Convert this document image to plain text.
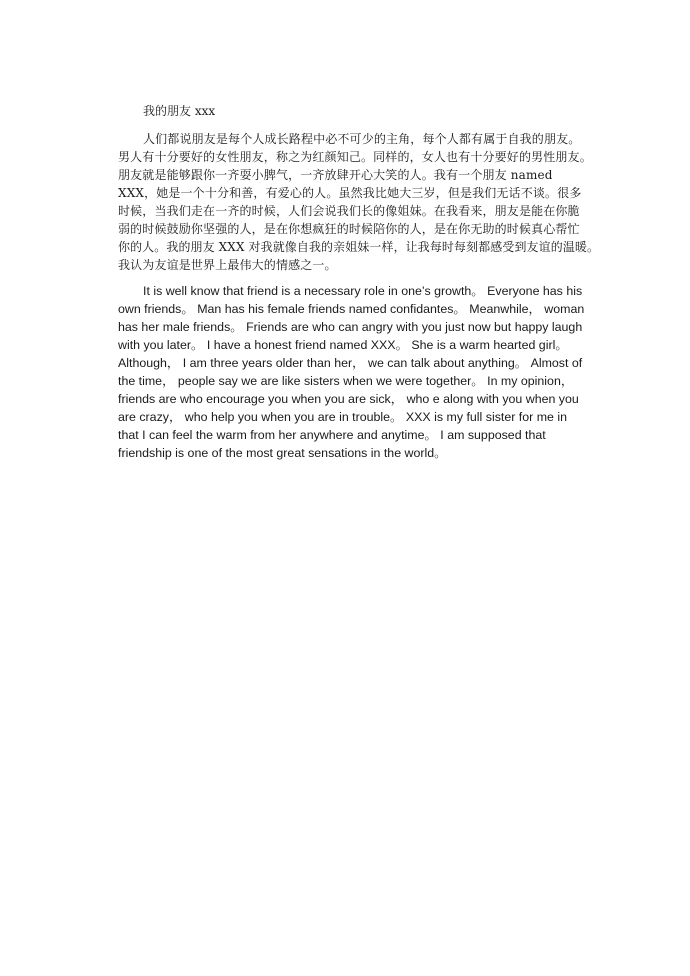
我的朋友 xxx
人们都说朋友是每个人成长路程中必不可少的主角，每个人都有属于自我的朋友。
男人有十分要好的女性朋友，称之为红颜知己。同样的，女人也有十分要好的男性朋友。
朋友就是能够跟你一齐耍小脾气，一齐放肆开心大笑的人。我有一个朋友 named
XXX，她是一个十分和善，有爱心的人。虽然我比她大三岁，但是我们无话不谈。很多
时候，当我们走在一齐的时候，人们会说我们长的像姐妹。在我看来，朋友是能在你脆
弱的时候鼓励你坚强的人，是在你想疯狂的时候陪你的人，是在你无助的时候真心帮忙
你的人。我的朋友 XXX 对我就像自我的亲姐妹一样，让我每时每刻都感受到友谊的温暖。
我认为友谊是世界上最伟大的情感之一。
It is well know that friend is a necessary role in one’s growth。 Everyone has his
own friends。 Man has his female friends named confidantes。 Meanwhile， woman
has her male friends。 Friends are who can angry with you just now but happy laugh
with you later。 I have a honest friend named XXX。 She is a warm hearted girl。
Although， I am three years older than her， we can talk about anything。 Almost of
the time， people say we are like sisters when we were together。 In my opinion，
friends are who encourage you when you are sick， who e along with you when you
are crazy， who help you when you are in trouble。 XXX is my full sister for me in
that I can feel the warm from her anywhere and anytime。 I am supposed that
friendship is one of the most great sensations in the world。
